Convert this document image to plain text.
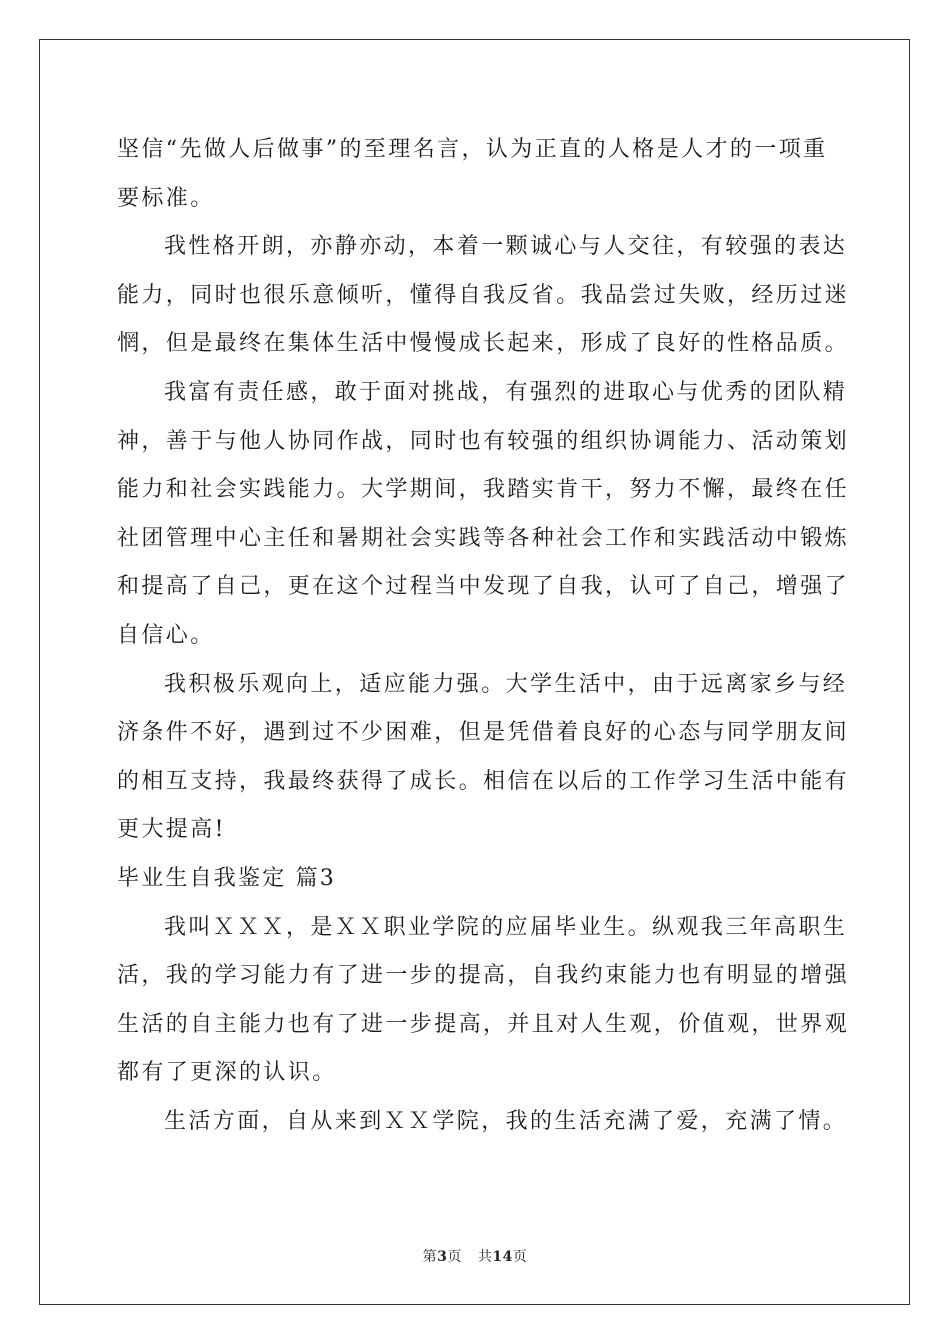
坚信“先做人后做事”的至理名言，认为正直的人格是人才的一项重
要标准。
我性格开朗，亦静亦动，本着一颗诚心与人交往，有较强的表达
能力，同时也很乐意倾听，懂得自我反省。我品尝过失败，经历过迷
惘，但是最终在集体生活中慢慢成长起来，形成了良好的性格品质。
我富有责任感，敢于面对挑战，有强烈的进取心与优秀的团队精
神，善于与他人协同作战，同时也有较强的组织协调能力、活动策划
能力和社会实践能力。大学期间，我踏实肯干，努力不懈，最终在任
社团管理中心主任和暑期社会实践等各种社会工作和实践活动中锻炼
和提高了自己，更在这个过程当中发现了自我，认可了自己，增强了
自信心。
我积极乐观向上，适应能力强。大学生活中，由于远离家乡与经
济条件不好，遇到过不少困难，但是凭借着良好的心态与同学朋友间
的相互支持，我最终获得了成长。相信在以后的工作学习生活中能有
更大提高!
毕业生自我鉴定 篇3
我叫ＸＸＸ，是ＸＸ职业学院的应届毕业生。纵观我三年高职生
活，我的学习能力有了进一步的提高，自我约束能力也有明显的增强
生活的自主能力也有了进一步提高，并且对人生观，价值观，世界观
都有了更深的认识。
生活方面，自从来到ＸＸ学院，我的生活充满了爱，充满了情。
第3页 共14页
